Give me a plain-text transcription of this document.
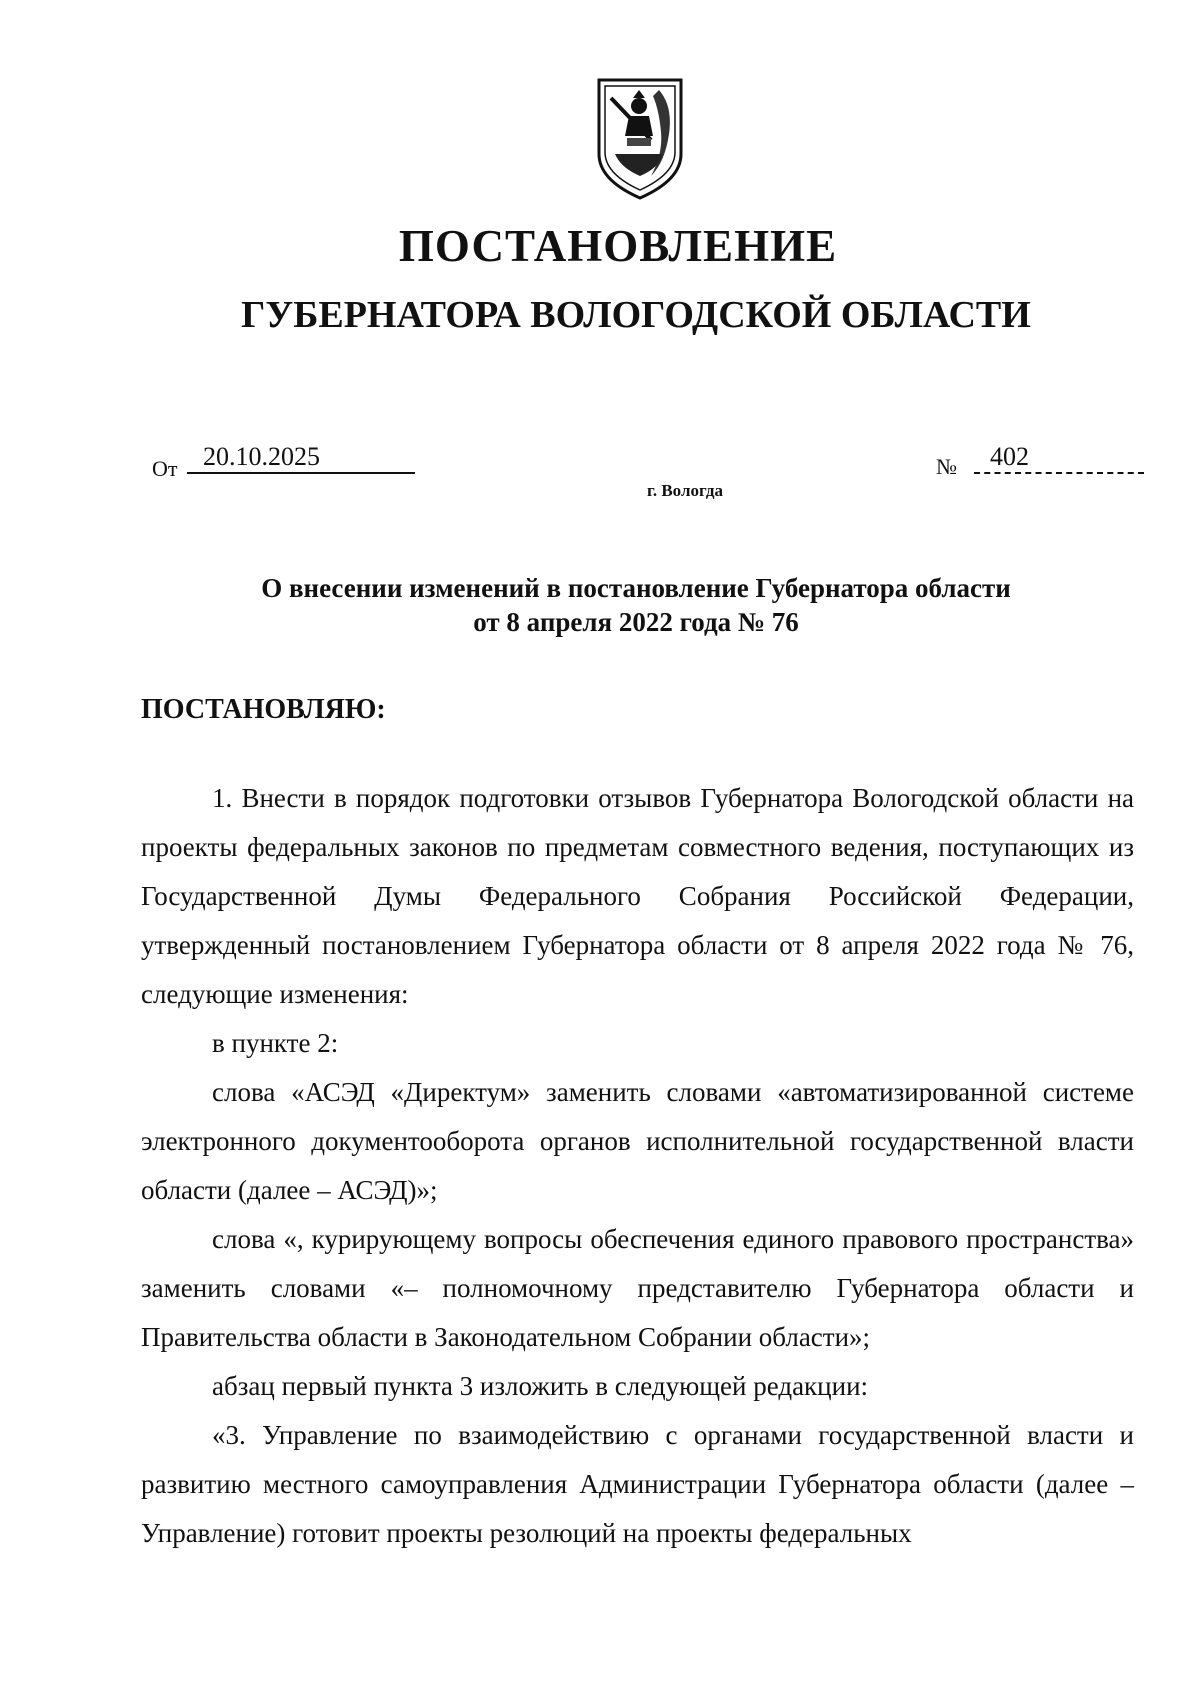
ПОСТАНОВЛЕНИЕ
ГУБЕРНАТОРА ВОЛОГОДСКОЙ ОБЛАСТИ
От 20.10.2025	№	402
г. Вологда
О внесении изменений в постановление Губернатора области
от 8 апреля 2022 года № 76
ПОСТАНОВЛЯЮ:

1. Внести в порядок подготовки отзывов Губернатора Вологодской области на проекты федеральных законов по предметам совместного ведения, поступающих из Государственной Думы Федерального Собрания Российской Федерации, утвержденный постановлением Губернатора области от 8 апреля 2022 года № 76, следующие изменения:

в пункте 2:

слова «АСЭД «Директум» заменить словами «автоматизированной системе электронного документооборота органов исполнительной государственной власти области (далее – АСЭД)»;

слова «, курирующему вопросы обеспечения единого правового пространства» заменить словами «– полномочному представителю Губернатора области и Правительства области в Законодательном Собрании области»;

абзац первый пункта 3 изложить в следующей редакции:

«3. Управление по взаимодействию с органами государственной власти и развитию местного самоуправления Администрации Губернатора области (далее – Управление) готовит проекты резолюций на проекты федеральных
